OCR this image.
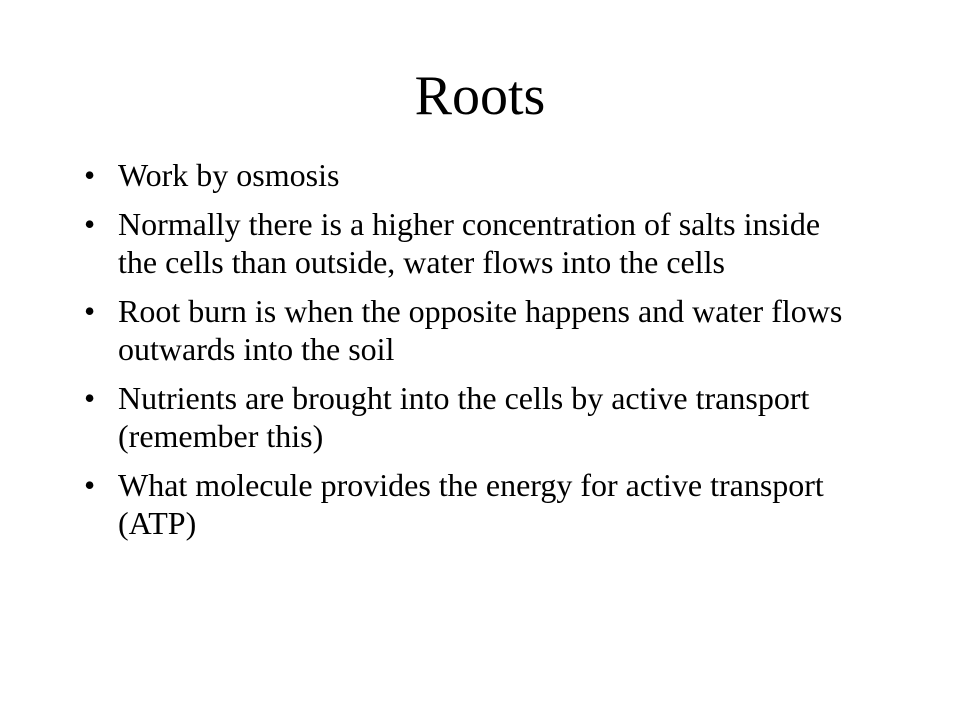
Roots
• Work by osmosis
• Normally there is a higher concentration of salts inside the cells than outside, water flows into the cells
• Root burn is when the opposite happens and water flows outwards into the soil
• Nutrients are brought into the cells by active transport (remember this)
• What molecule provides the energy for active transport (ATP)
